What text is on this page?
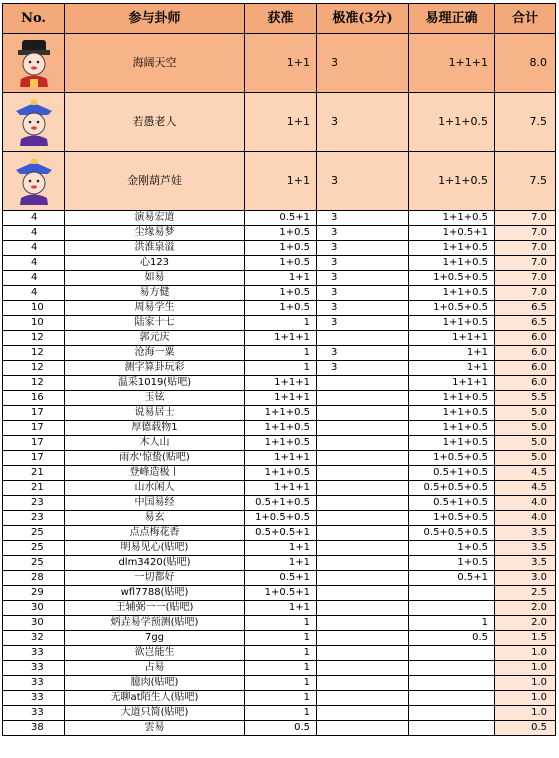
No.	参与卦师	获准	极准(3分)	易理正确	合计

	海阔天空	1+1	3	1+1+1	8.0

	若愚老人	1+1	3	1+1+0.5	7.5

	金刚葫芦娃	1+1	3	1+1+0.5	7.5
4	演易宏道	0.5+1	3	1+1+0.5	7.0
4	尘缘易梦	1+0.5	3	1+0.5+1	7.0
4	洪淮泉溢	1+0.5	3	1+1+0.5	7.0
4	心123	1+0.5	3	1+1+0.5	7.0
4	如易	1+1	3	1+0.5+0.5	7.0
4	易方健	1+0.5	3	1+1+0.5	7.0
10	周易学生	1+0.5	3	1+0.5+0.5	6.5
10	陆家十七	1	3	1+1+0.5	6.5
12	郭元庆	1+1+1		1+1+1	6.0
12	沧海一粟	1	3	1+1	6.0
12	测字算卦玩彩	1	3	1+1	6.0
12	温采1019(贴吧)	1+1+1		1+1+1	6.0
16	玉铉	1+1+1		1+1+0.5	5.5
17	说易居士	1+1+0.5		1+1+0.5	5.0
17	厚德载物1	1+1+0.5		1+1+0.5	5.0
17	木人山	1+1+0.5		1+1+0.5	5.0
17	雨水'惊蛰(贴吧)	1+1+1		1+0.5+0.5	5.0
21	登峰造极丨	1+1+0.5		0.5+1+0.5	4.5
21	山水闲人	1+1+1		0.5+0.5+0.5	4.5
23	中国易经	0.5+1+0.5		0.5+1+0.5	4.0
23	易玄	1+0.5+0.5		1+0.5+0.5	4.0
25	点点梅花香	0.5+0.5+1		0.5+0.5+0.5	3.5
25	明易见心(贴吧)	1+1		1+0.5	3.5
25	dlm3420(贴吧)	1+1		1+0.5	3.5
28	一切都好	0.5+1		0.5+1	3.0
29	wfl7788(贴吧)	1+0.5+1			2.5
30	王辅弼一一(贴吧)	1+1			2.0
30	炳垚易学预测(贴吧)	1		1	2.0
32	7gg	1		0.5	1.5
33	欲岂能生	1			1.0
33	占易	1			1.0
33	臆肉(贴吧)	1			1.0
33	无聊at陌生人(贴吧)	1			1.0
33	大道只简(贴吧)	1			1.0
38	雲易	0.5			0.5
